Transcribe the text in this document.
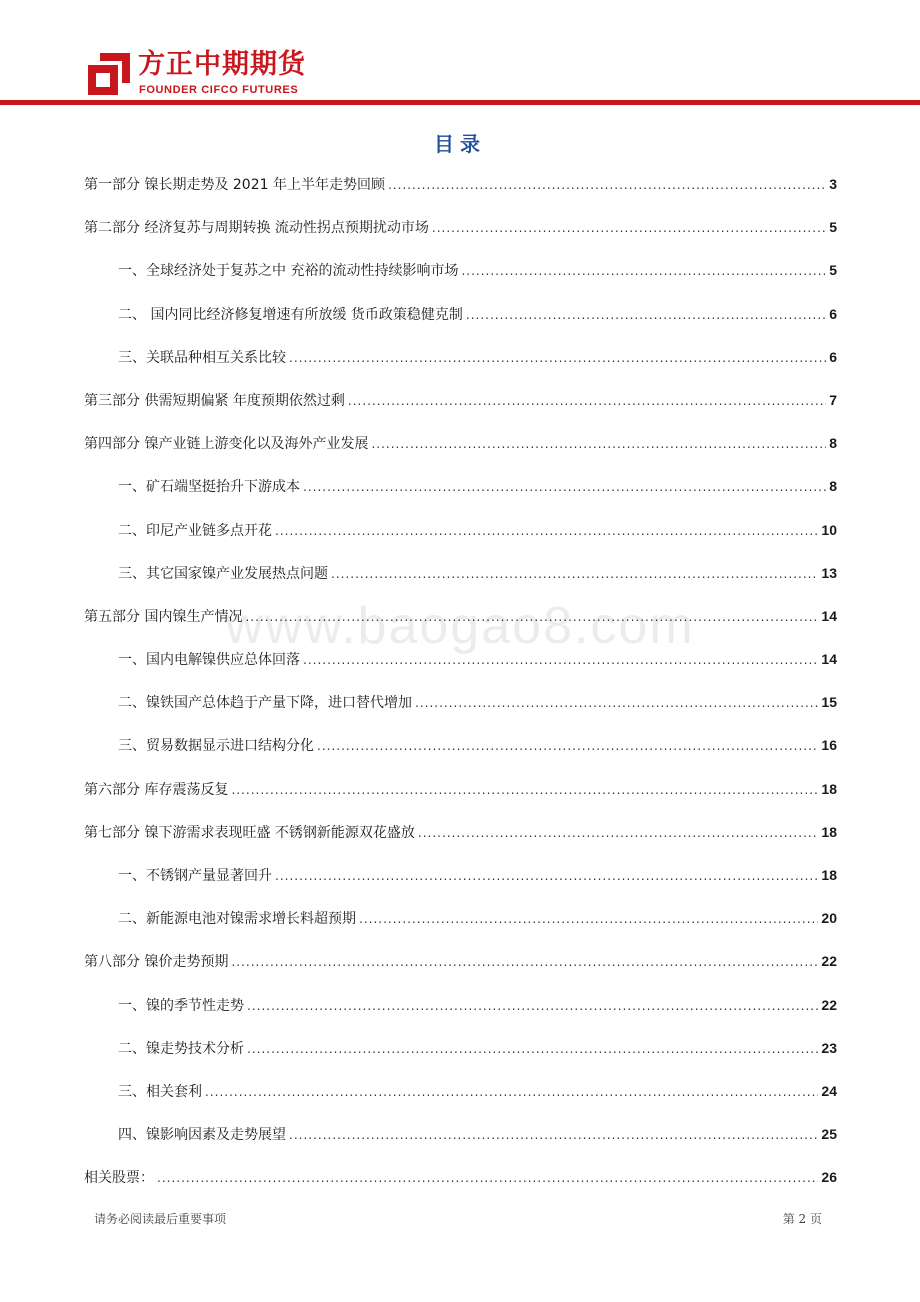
方正中期期货
FOUNDER CIFCO FUTURES
目录
第一部分 镍长期走势及 2021 年上半年走势回顾 .....	3
第二部分 经济复苏与周期转换 流动性拐点预期扰动市场 .....	5
一、全球经济处于复苏之中 充裕的流动性持续影响市场 .....	5
二、 国内同比经济修复增速有所放缓 货币政策稳健克制 .....	6
三、关联品种相互关系比较 .....	6
第三部分 供需短期偏紧 年度预期依然过剩 .....	7
第四部分 镍产业链上游变化以及海外产业发展 .....	8
一、矿石端坚挺抬升下游成本 .....	8
二、印尼产业链多点开花 .....	10
三、其它国家镍产业发展热点问题 .....	13
第五部分 国内镍生产情况 .....	14
一、国内电解镍供应总体回落 .....	14
二、镍铁国产总体趋于产量下降，进口替代增加 .....	15
三、贸易数据显示进口结构分化 .....	16
第六部分 库存震荡反复 .....	18
第七部分 镍下游需求表现旺盛 不锈钢新能源双花盛放 .....	18
一、不锈钢产量显著回升 .....	18
二、新能源电池对镍需求增长料超预期 .....	20
第八部分 镍价走势预期 .....	22
一、镍的季节性走势 .....	22
二、镍走势技术分析 .....	23
三、相关套利 .....	24
四、镍影响因素及走势展望 .....	25
相关股票： .....	26
www.baogao8.com
请务必阅读最后重要事项	第 2 页
